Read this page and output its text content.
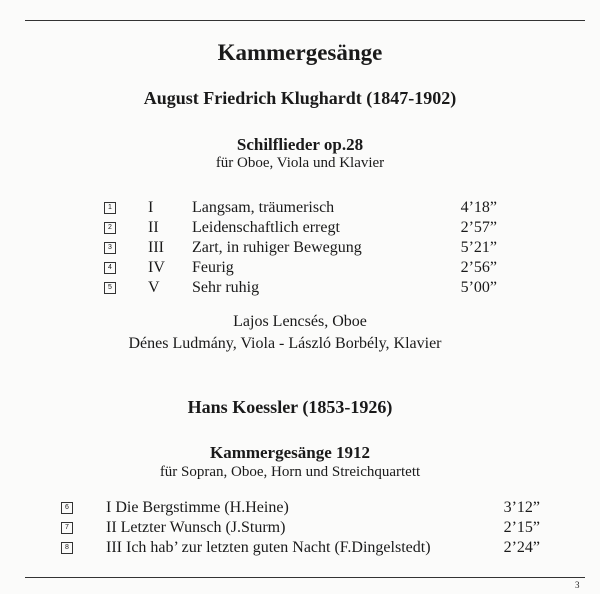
Kammergesänge
August Friedrich Klughardt (1847-1902)
Schilflieder op.28
für Oboe, Viola und Klavier
1 I Langsam, träumerisch	4’18”
2 II Leidenschaftlich erregt	2’57”
3 III Zart, in ruhiger Bewegung	5’21”
4 IV Feurig	2’56”
5 V Sehr ruhig	5’00”
Lajos Lencsés, Oboe
Dénes Ludmány, Viola - László Borbély, Klavier
Hans Koessler (1853-1926)
Kammergesänge 1912
für Sopran, Oboe, Horn und Streichquartett
6 I Die Bergstimme (H.Heine)	3’12”
7 II Letzter Wunsch (J.Sturm)	2’15”
8 III Ich hab’ zur letzten guten Nacht (F.Dingelstedt)	2’24”
3
